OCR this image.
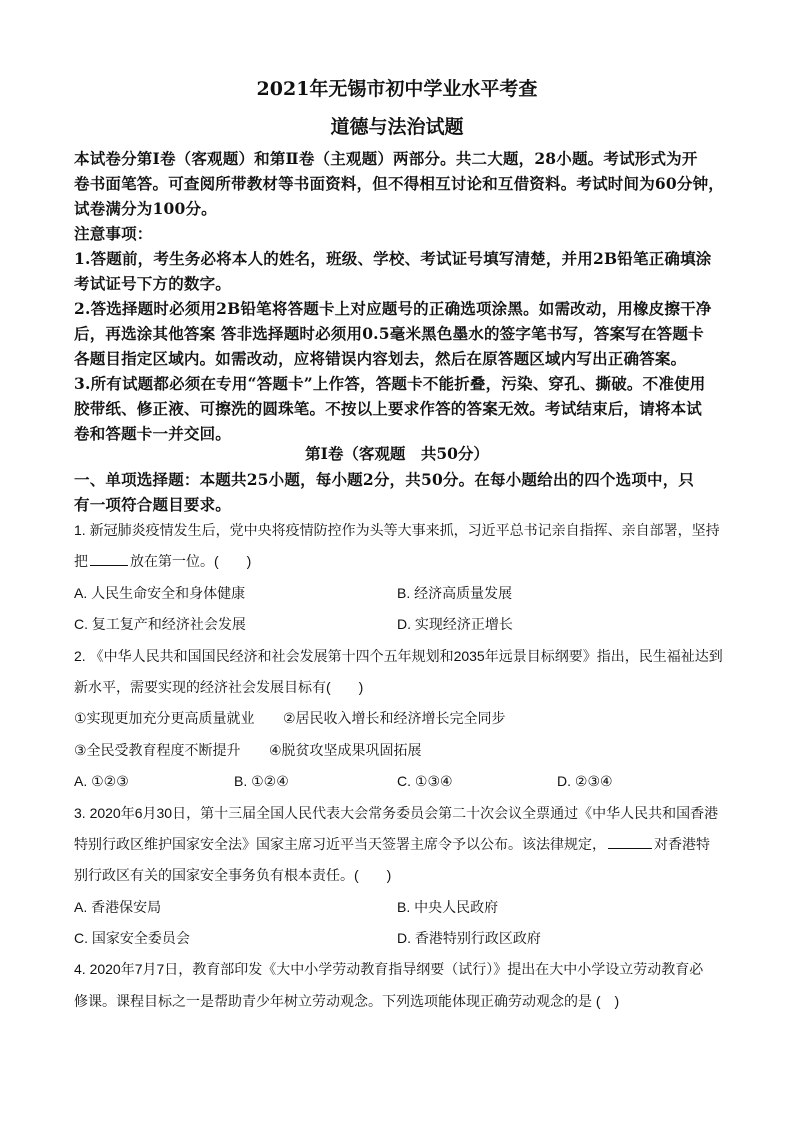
2021年无锡市初中学业水平考查
道德与法治试题
本试卷分第Ⅰ卷（客观题）和第Ⅱ卷（主观题）两部分。共二大题，28小题。考试形式为开
卷书面笔答。可查阅所带教材等书面资料，但不得相互讨论和互借资料。考试时间为60分钟，
试卷满分为100分。
注意事项：
1.答题前，考生务必将本人的姓名，班级、学校、考试证号填写清楚，并用2B铅笔正确填涂
考试证号下方的数字。
2.答选择题时必须用2B铅笔将答题卡上对应题号的正确选项涂黑。如需改动，用橡皮擦干净
后，再选涂其他答案 答非选择题时必须用0.5毫米黑色墨水的签字笔书写，答案写在答题卡
各题目指定区域内。如需改动，应将错误内容划去，然后在原答题区域内写出正确答案。
3.所有试题都必须在专用“答题卡”上作答，答题卡不能折叠，污染、穿孔、撕破。不准使用
胶带纸、修正液、可擦洗的圆珠笔。不按以上要求作答的答案无效。考试结束后，请将本试
卷和答题卡一并交回。
第Ⅰ卷（客观题　共50分）
一、单项选择题：本题共25小题，每小题2分，共50分。在每小题给出的四个选项中，只
有一项符合题目要求。
1. 新冠肺炎疫情发生后，党中央将疫情防控作为头等大事来抓，习近平总书记亲自指挥、亲自部署，坚持
把	放在第一位。(　　)
A. 人民生命安全和身体健康	B. 经济高质量发展
C. 复工复产和经济社会发展	D. 实现经济正增长
2. 《中华人民共和国国民经济和社会发展第十四个五年规划和2035年远景目标纲要》指出，民生福祉达到
新水平，需要实现的经济社会发展目标有(　　)
①实现更加充分更高质量就业 ②居民收入增长和经济增长完全同步
③全民受教育程度不断提升 ④脱贫攻坚成果巩固拓展
A. ①②③	B. ①②④	C. ①③④	D. ②③④
3. 2020年6月30日，第十三届全国人民代表大会常务委员会第二十次会议全票通过《中华人民共和国香港
特别行政区维护国家安全法》国家主席习近平当天签署主席令予以公布。该法律规定，	对香港特
别行政区有关的国家安全事务负有根本责任。(　　)
A. 香港保安局	B. 中央人民政府
C. 国家安全委员会	D. 香港特别行政区政府
4. 2020年7月7日，教育部印发《大中小学劳动教育指导纲要（试行）》提出在大中小学设立劳动教育必
修课。课程目标之一是帮助青少年树立劳动观念。下列选项能体现正确劳动观念的是 (　)
